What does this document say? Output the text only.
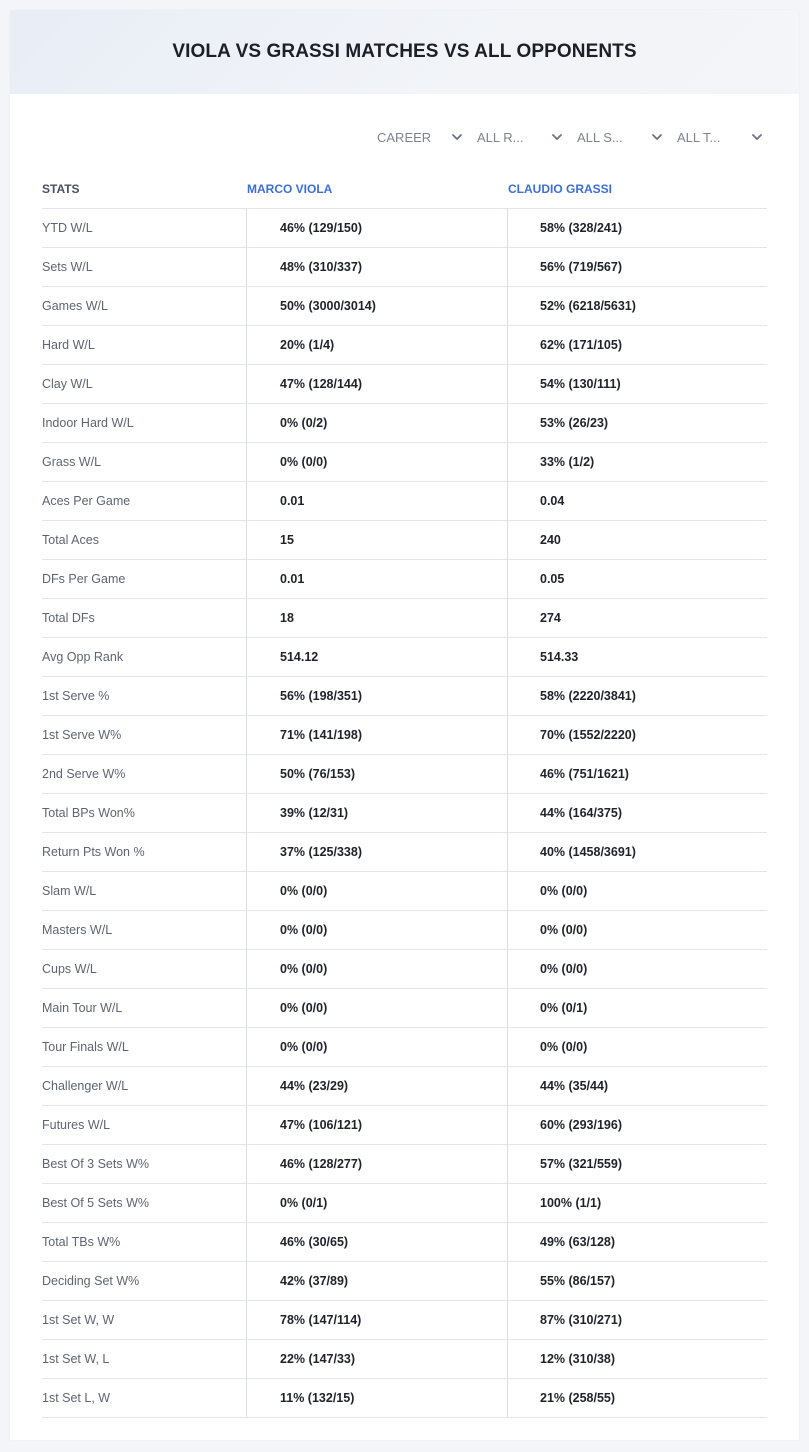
VIOLA VS GRASSI MATCHES VS ALL OPPONENTS
CAREER	ALL R...	ALL S...	ALL T...
STATS	MARCO VIOLA	CLAUDIO GRASSI
YTD W/L	46% (129/150)	58% (328/241)
Sets W/L	48% (310/337)	56% (719/567)
Games W/L	50% (3000/3014)	52% (6218/5631)
Hard W/L	20% (1/4)	62% (171/105)
Clay W/L	47% (128/144)	54% (130/111)
Indoor Hard W/L	0% (0/2)	53% (26/23)
Grass W/L	0% (0/0)	33% (1/2)
Aces Per Game	0.01	0.04
Total Aces	15	240
DFs Per Game	0.01	0.05
Total DFs	18	274
Avg Opp Rank	514.12	514.33
1st Serve %	56% (198/351)	58% (2220/3841)
1st Serve W%	71% (141/198)	70% (1552/2220)
2nd Serve W%	50% (76/153)	46% (751/1621)
Total BPs Won%	39% (12/31)	44% (164/375)
Return Pts Won %	37% (125/338)	40% (1458/3691)
Slam W/L	0% (0/0)	0% (0/0)
Masters W/L	0% (0/0)	0% (0/0)
Cups W/L	0% (0/0)	0% (0/0)
Main Tour W/L	0% (0/0)	0% (0/1)
Tour Finals W/L	0% (0/0)	0% (0/0)
Challenger W/L	44% (23/29)	44% (35/44)
Futures W/L	47% (106/121)	60% (293/196)
Best Of 3 Sets W%	46% (128/277)	57% (321/559)
Best Of 5 Sets W%	0% (0/1)	100% (1/1)
Total TBs W%	46% (30/65)	49% (63/128)
Deciding Set W%	42% (37/89)	55% (86/157)
1st Set W, W	78% (147/114)	87% (310/271)
1st Set W, L	22% (147/33)	12% (310/38)
1st Set L, W	11% (132/15)	21% (258/55)
